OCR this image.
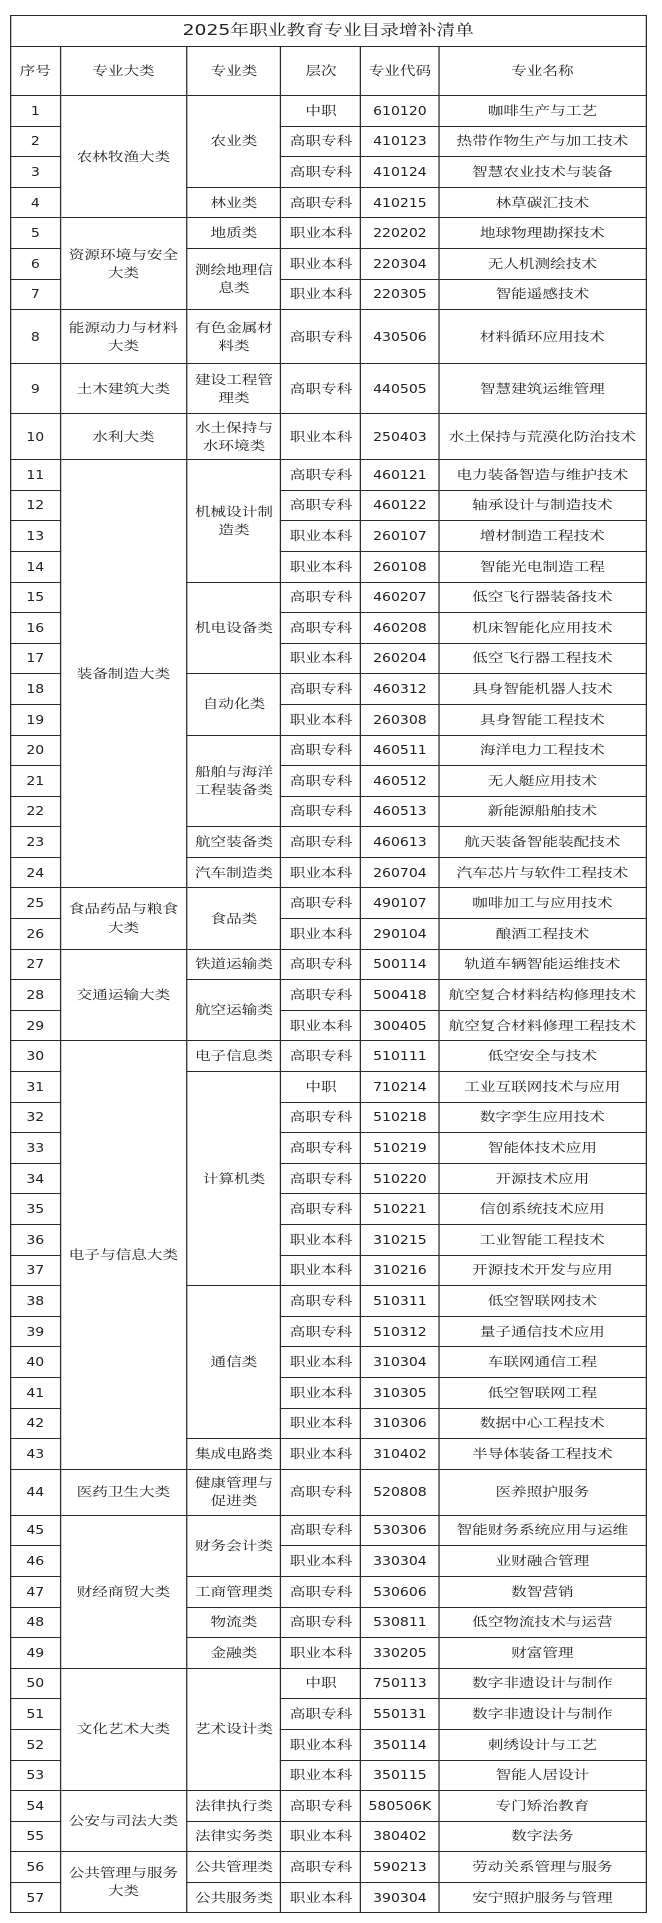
2025年职业教育专业目录增补清单					
序号	专业大类	专业类	层次	专业代码	专业名称
1	农林牧渔大类	农业类	中职	610120	咖啡生产与工艺
2			高职专科	410123	热带作物生产与加工技术
3			高职专科	410124	智慧农业技术与装备
4		林业类	高职专科	410215	林草碳汇技术
5	资源环境与安全大类	地质类	职业本科	220202	地球物理勘探技术
6		测绘地理信息类	职业本科	220304	无人机测绘技术
7			职业本科	220305	智能遥感技术
8	能源动力与材料大类	有色金属材料类	高职专科	430506	材料循环应用技术
9	土木建筑大类	建设工程管理类	高职专科	440505	智慧建筑运维管理
10	水利大类	水土保持与水环境类	职业本科	250403	水土保持与荒漠化防治技术
11	装备制造大类	机械设计制造类	高职专科	460121	电力装备智造与维护技术
12			高职专科	460122	轴承设计与制造技术
13			职业本科	260107	增材制造工程技术
14			职业本科	260108	智能光电制造工程
15		机电设备类	高职专科	460207	低空飞行器装备技术
16			高职专科	460208	机床智能化应用技术
17			职业本科	260204	低空飞行器工程技术
18		自动化类	高职专科	460312	具身智能机器人技术
19			职业本科	260308	具身智能工程技术
20		船舶与海洋工程装备类	高职专科	460511	海洋电力工程技术
21			高职专科	460512	无人艇应用技术
22			高职专科	460513	新能源船舶技术
23		航空装备类	高职专科	460613	航天装备智能装配技术
24		汽车制造类	职业本科	260704	汽车芯片与软件工程技术
25	食品药品与粮食大类	食品类	高职专科	490107	咖啡加工与应用技术
26			职业本科	290104	酿酒工程技术
27	交通运输大类	铁道运输类	高职专科	500114	轨道车辆智能运维技术
28		航空运输类	高职专科	500418	航空复合材料结构修理技术
29			职业本科	300405	航空复合材料修理工程技术
30	电子与信息大类	电子信息类	高职专科	510111	低空安全与技术
31		计算机类	中职	710214	工业互联网技术与应用
32			高职专科	510218	数字孪生应用技术
33			高职专科	510219	智能体技术应用
34			高职专科	510220	开源技术应用
35			高职专科	510221	信创系统技术应用
36			职业本科	310215	工业智能工程技术
37			职业本科	310216	开源技术开发与应用
38		通信类	高职专科	510311	低空智联网技术
39			高职专科	510312	量子通信技术应用
40			职业本科	310304	车联网通信工程
41			职业本科	310305	低空智联网工程
42			职业本科	310306	数据中心工程技术
43		集成电路类	职业本科	310402	半导体装备工程技术
44	医药卫生大类	健康管理与促进类	高职专科	520808	医养照护服务
45	财经商贸大类	财务会计类	高职专科	530306	智能财务系统应用与运维
46			职业本科	330304	业财融合管理
47		工商管理类	高职专科	530606	数智营销
48		物流类	高职专科	530811	低空物流技术与运营
49		金融类	职业本科	330205	财富管理
50	文化艺术大类	艺术设计类	中职	750113	数字非遗设计与制作
51			高职专科	550131	数字非遗设计与制作
52			职业本科	350114	刺绣设计与工艺
53			职业本科	350115	智能人居设计
54	公安与司法大类	法律执行类	高职专科	580506K	专门矫治教育
55		法律实务类	职业本科	380402	数字法务
56	公共管理与服务大类	公共管理类	高职专科	590213	劳动关系管理与服务
57		公共服务类	职业本科	390304	安宁照护服务与管理
